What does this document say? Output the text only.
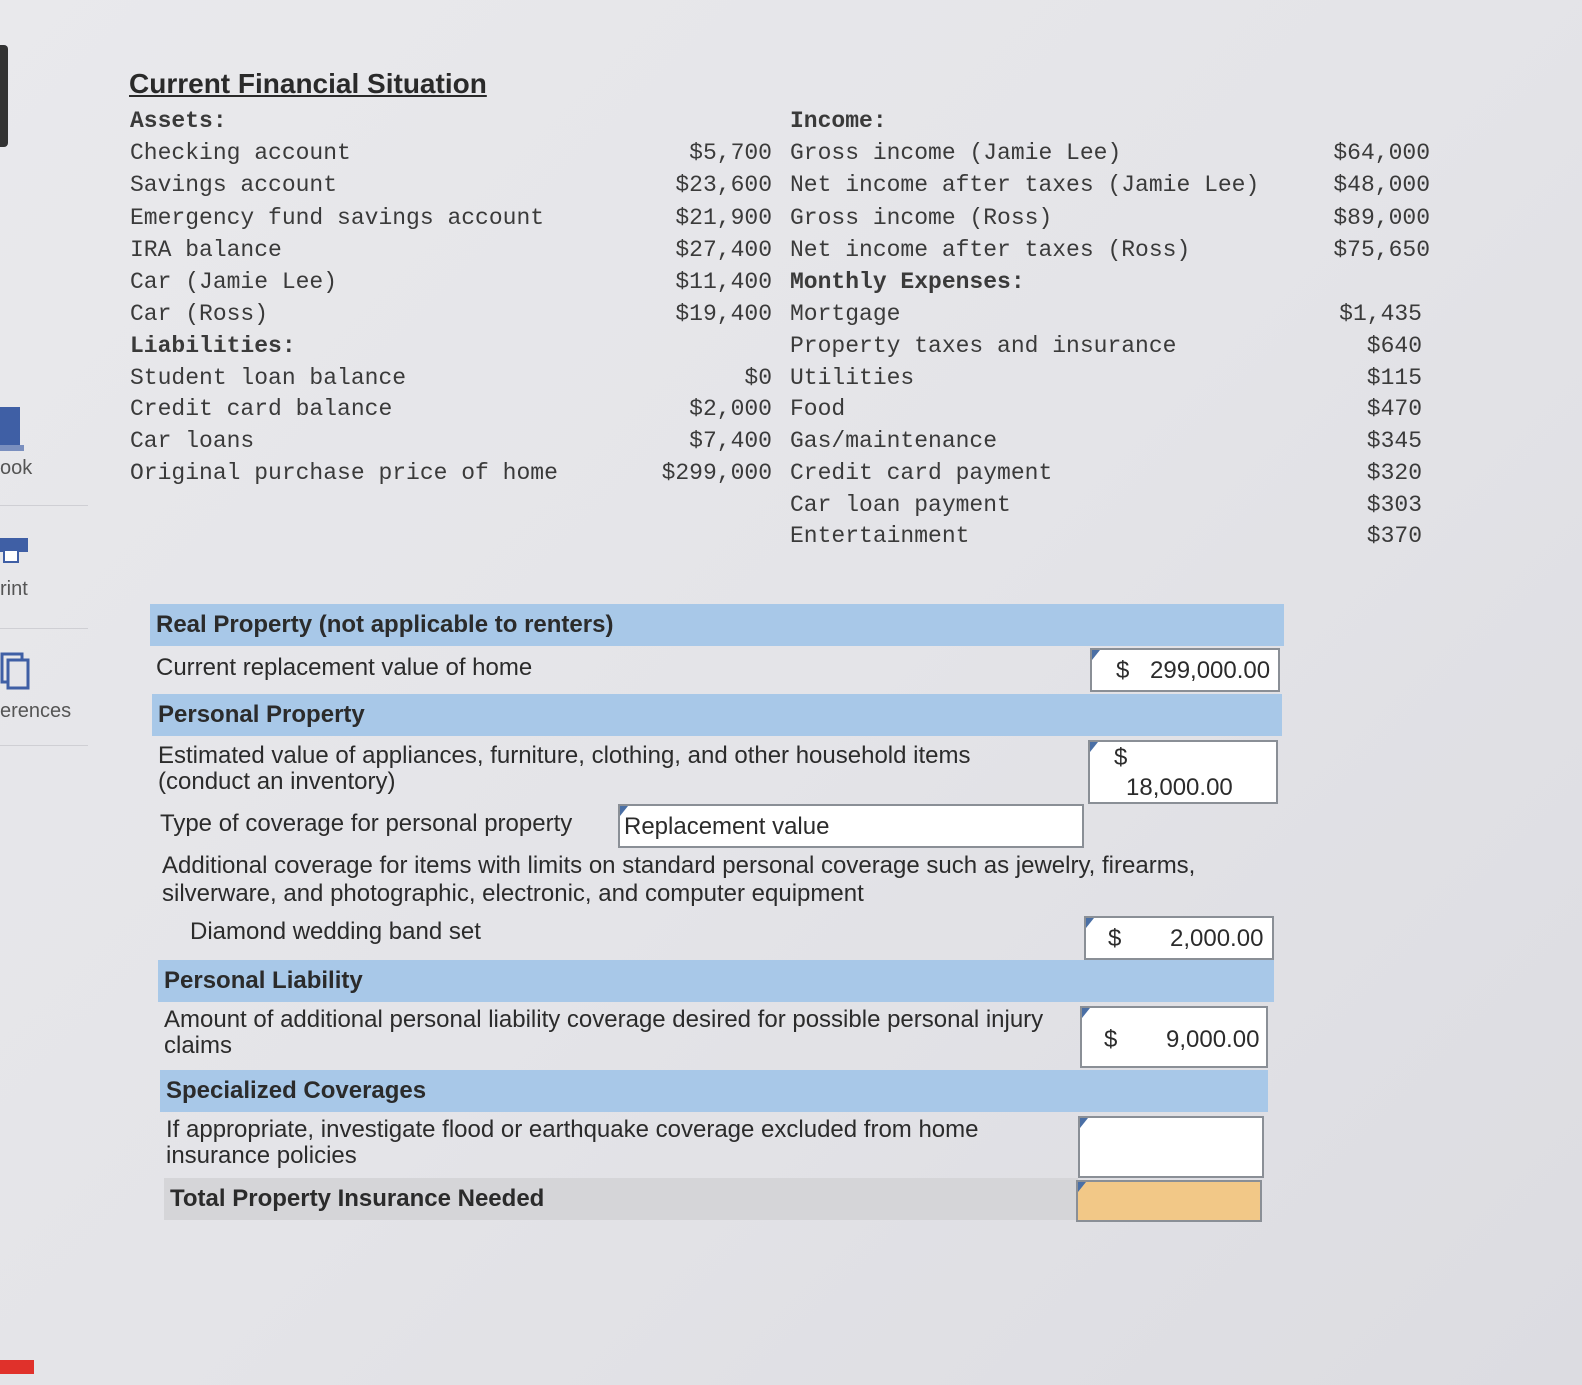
ook
rint
erences
Current Financial Situation
Assets:
Checking account	$5,700
Savings account	$23,600
Emergency fund savings account	$21,900
IRA balance	$27,400
Car (Jamie Lee)	$11,400
Car (Ross)	$19,400
Liabilities:
Student loan balance	$0
Credit card balance	$2,000
Car loans	$7,400
Original purchase price of home	$299,000
Income:
Gross income (Jamie Lee)	$64,000
Net income after taxes (Jamie Lee)	$48,000
Gross income (Ross)	$89,000
Net income after taxes (Ross)	$75,650
Monthly Expenses:
Mortgage	$1,435
Property taxes and insurance	$640
Utilities	$115
Food	$470
Gas/maintenance	$345
Credit card payment	$320
Car loan payment	$303
Entertainment	$370
Real Property (not applicable to renters)
Current replacement value of home	$ 299,000.00
Personal Property
Estimated value of appliances, furniture, clothing, and other household items
(conduct an inventory)
$
18,000.00
Type of coverage for personal property Replacement value
Additional coverage for items with limits on standard personal coverage such as jewelry, firearms,
silverware, and photographic, electronic, and computer equipment
Diamond wedding band set	$ 2,000.00
Personal Liability
Amount of additional personal liability coverage desired for possible personal injury
claims	$ 9,000.00
Specialized Coverages
If appropriate, investigate flood or earthquake coverage excluded from home
insurance policies
Total Property Insurance Needed
